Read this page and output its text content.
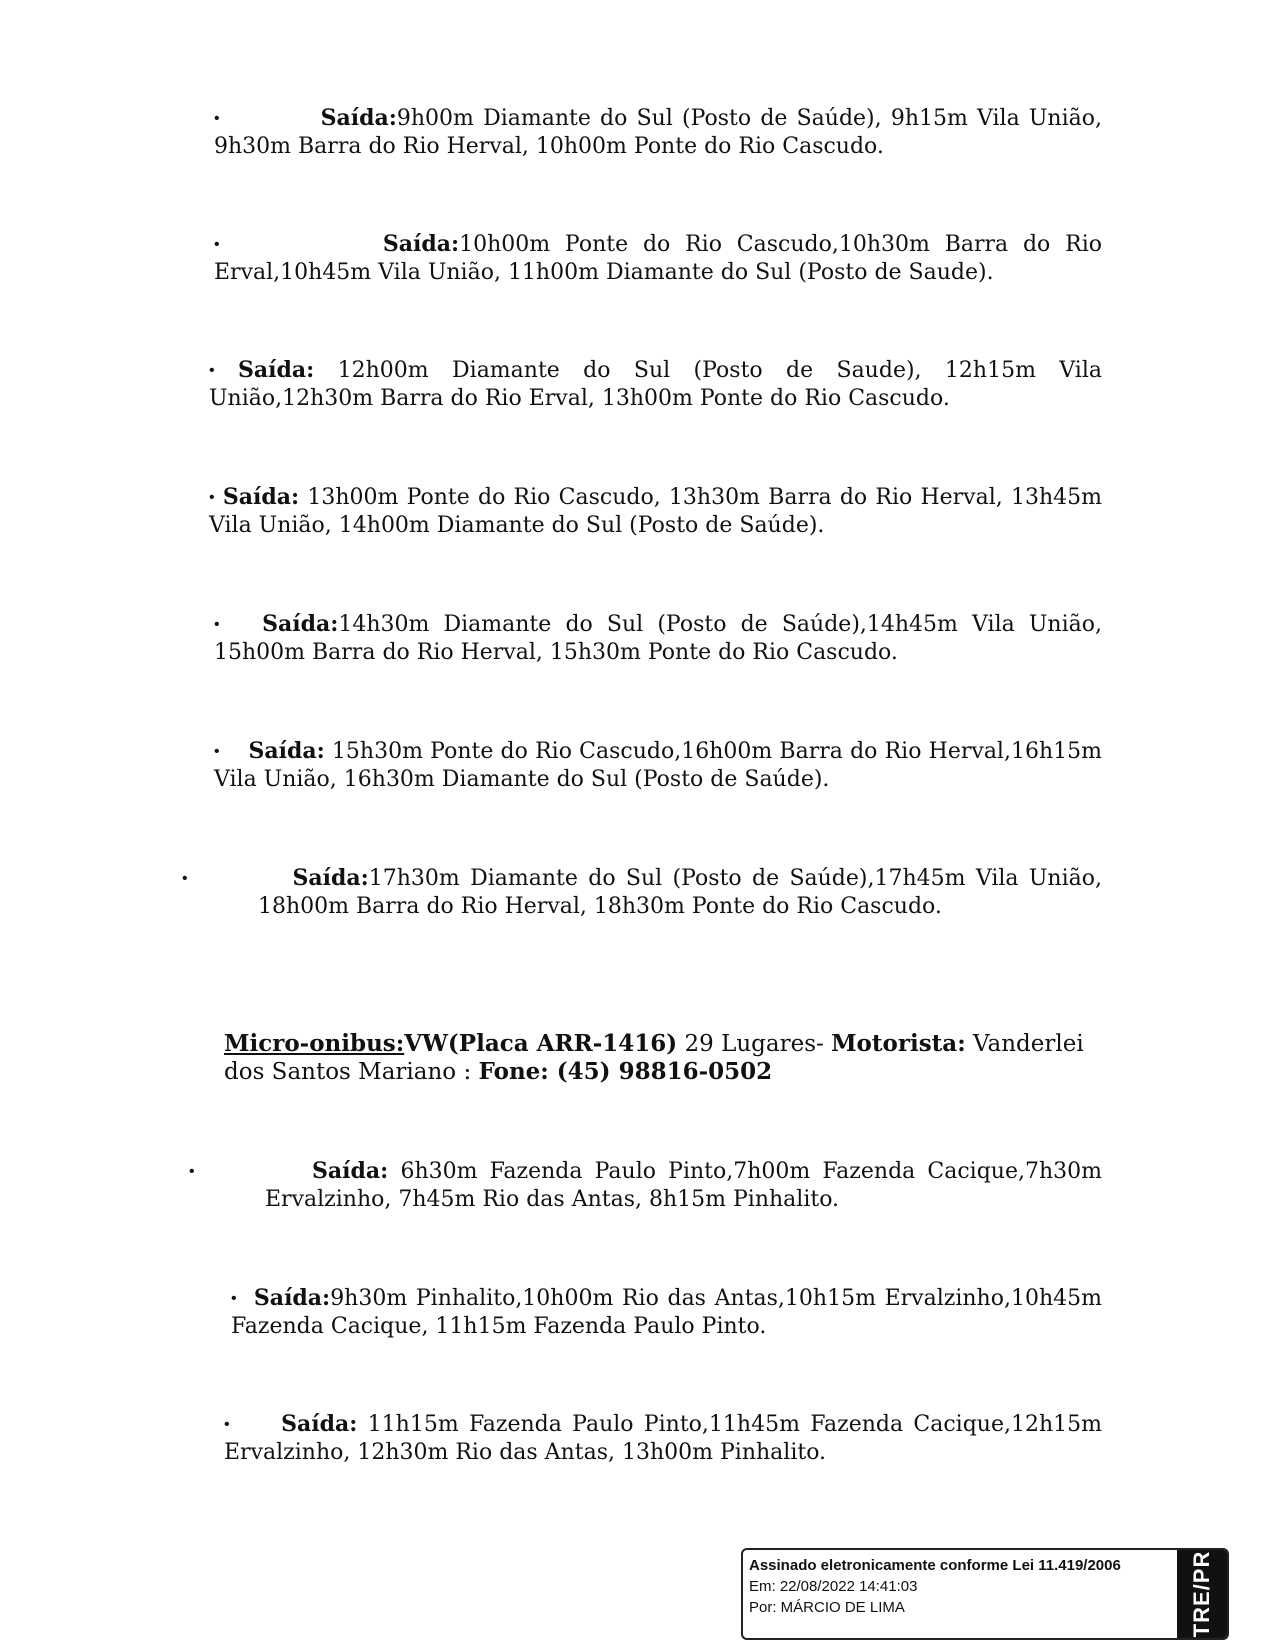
•	Saída:9h00m Diamante do Sul (Posto de Saúde), 9h15m Vila União, 9h30m Barra do Rio Herval, 10h00m Ponte do Rio Cascudo.

•	Saída:10h00m Ponte do Rio Cascudo,10h30m Barra do Rio Erval,10h45m Vila União, 11h00m Diamante do Sul (Posto de Saude).

• Saída: 12h00m Diamante do Sul (Posto de Saude), 12h15m Vila União,12h30m Barra do Rio Erval, 13h00m Ponte do Rio Cascudo.

• Saída: 13h00m Ponte do Rio Cascudo, 13h30m Barra do Rio Herval, 13h45m Vila União, 14h00m Diamante do Sul (Posto de Saúde).

• Saída:14h30m Diamante do Sul (Posto de Saúde),14h45m Vila União, 15h00m Barra do Rio Herval, 15h30m Ponte do Rio Cascudo.

• Saída: 15h30m Ponte do Rio Cascudo,16h00m Barra do Rio Herval,16h15m Vila União, 16h30m Diamante do Sul (Posto de Saúde).

•	Saída:17h30m Diamante do Sul (Posto de Saúde),17h45m Vila União, 18h00m Barra do Rio Herval, 18h30m Ponte do Rio Cascudo.

Micro-onibus:VW(Placa ARR-1416) 29 Lugares- Motorista: Vanderlei dos Santos Mariano : Fone: (45) 98816-0502

•	Saída: 6h30m Fazenda Paulo Pinto,7h00m Fazenda Cacique,7h30m Ervalzinho, 7h45m Rio das Antas, 8h15m Pinhalito.

• Saída:9h30m Pinhalito,10h00m Rio das Antas,10h15m Ervalzinho,10h45m Fazenda Cacique, 11h15m Fazenda Paulo Pinto.

• Saída: 11h15m Fazenda Paulo Pinto,11h45m Fazenda Cacique,12h15m Ervalzinho, 12h30m Rio das Antas, 13h00m Pinhalito.

Assinado eletronicamente conforme Lei 11.419/2006
Em: 22/08/2022 14:41:03
Por: MÁRCIO DE LIMA	TRE/PR
